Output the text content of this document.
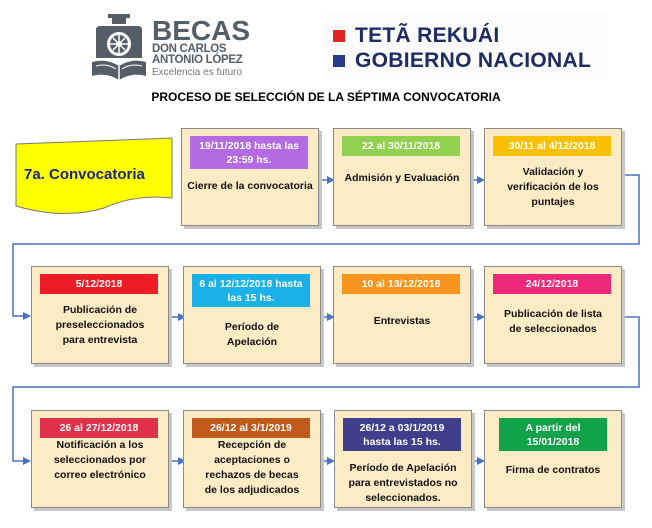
BECAS
DON CARLOS
ANTONIO LÓPEZ
Excelencia es futuro
TETÃ REKUÁI
GOBIERNO NACIONAL
PROCESO DE SELECCIÓN DE LA SÉPTIMA CONVOCATORIA
7a. Convocatoria
19/11/2018 hasta las 23:59 hs.
Cierre de la convocatoria
22 al 30/11/2018
Admisión y Evaluación
30/11 al 4/12/2018
Validación y verificación de los puntajes
5/12/2018
Publicación de preseleccionados para entrevista
6 al 12/12/2018 hasta las 15 hs.
Período de Apelación
10 al 13/12/2018
Entrevistas
24/12/2018
Publicación de lista de seleccionados
26 al 27/12/2018
Notificación a los seleccionados por correo electrónico
26/12 al 3/1/2019
Recepción de aceptaciones o rechazos de becas de los adjudicados
26/12 a 03/1/2019 hasta las 15 hs.
Período de Apelación para entrevistados no seleccionados.
A partir del 15/01/2018
Firma de contratos
